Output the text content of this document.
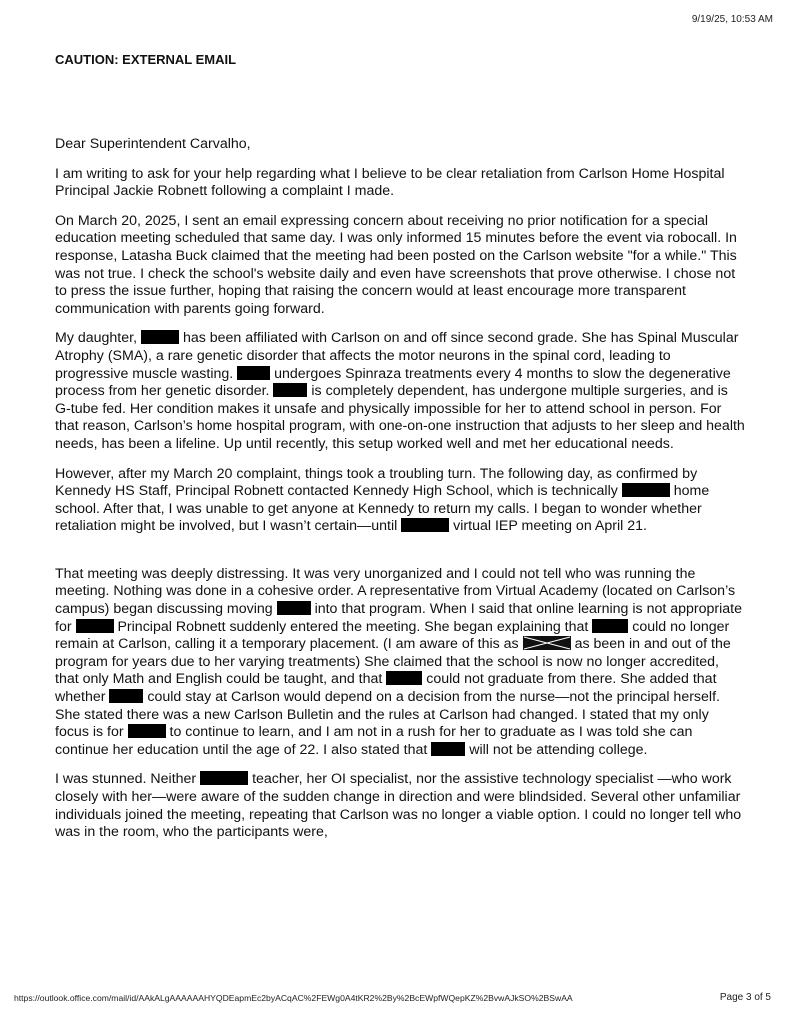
9/19/25, 10:53 AM
CAUTION: EXTERNAL EMAIL

Dear Superintendent Carvalho,

I am writing to ask for your help regarding what I believe to be clear retaliation from Carlson Home Hospital Principal Jackie Robnett following a complaint I made.

On March 20, 2025, I sent an email expressing concern about receiving no prior notification for a special education meeting scheduled that same day. I was only informed 15 minutes before the event via robocall. In response, Latasha Buck claimed that the meeting had been posted on the Carlson website "for a while." This was not true. I check the school's website daily and even have screenshots that prove otherwise. I chose not to press the issue further, hoping that raising the concern would at least encourage more transparent communication with parents going forward.

My daughter,	has been affiliated with Carlson on and off since second grade. She has Spinal Muscular Atrophy (SMA), a rare genetic disorder that affects the motor neurons in the spinal cord, leading to progressive muscle wasting.	undergoes Spinraza treatments every 4 months to slow the degenerative process from her genetic disorder.	is completely dependent, has undergone multiple surgeries, and is G-tube fed. Her condition makes it unsafe and physically impossible for her to attend school in person. For that reason, Carlson’s home hospital program, with one-on-one instruction that adjusts to her sleep and health needs, has been a lifeline. Up until recently, this setup worked well and met her educational needs.

However, after my March 20 complaint, things took a troubling turn. The following day, as confirmed by Kennedy HS Staff, Principal Robnett contacted Kennedy High School, which is technically	home school. After that, I was unable to get anyone at Kennedy to return my calls. I began to wonder whether retaliation might be involved, but I wasn’t certain—until	virtual IEP meeting on April 21.

That meeting was deeply distressing. It was very unorganized and I could not tell who was running the meeting. Nothing was done in a cohesive order. A representative from Virtual Academy (located on Carlson’s campus) began discussing moving	into that program. When I said that online learning is not appropriate for	Principal Robnett suddenly entered the meeting. She began explaining that	could no longer remain at Carlson, calling it a temporary placement. (I am aware of this as	as been in and out of the program for years due to her varying treatments) She claimed that the school is now no longer accredited, that only Math and English could be taught, and that	could not graduate from there. She added that whether	could stay at Carlson would depend on a decision from the nurse—not the principal herself. She stated there was a new Carlson Bulletin and the rules at Carlson had changed. I stated that my only focus is for	to continue to learn, and I am not in a rush for her to graduate as I was told she can continue her education until the age of 22. I also stated that	will not be attending college.

I was stunned. Neither	teacher, her OI specialist, nor the assistive technology specialist —who work closely with her—were aware of the sudden change in direction and were blindsided. Several other unfamiliar individuals joined the meeting, repeating that Carlson was no longer a viable option. I could no longer tell who was in the room, who the participants were,

https://outlook.office.com/mail/id/AAkALgAAAAAAHYQDEapmEc2byACqAC%2FEWg0A4tKR2%2By%2BcEWpfWQepKZ%2BvwAJkSO%2BSwAA	Page 3 of 5
